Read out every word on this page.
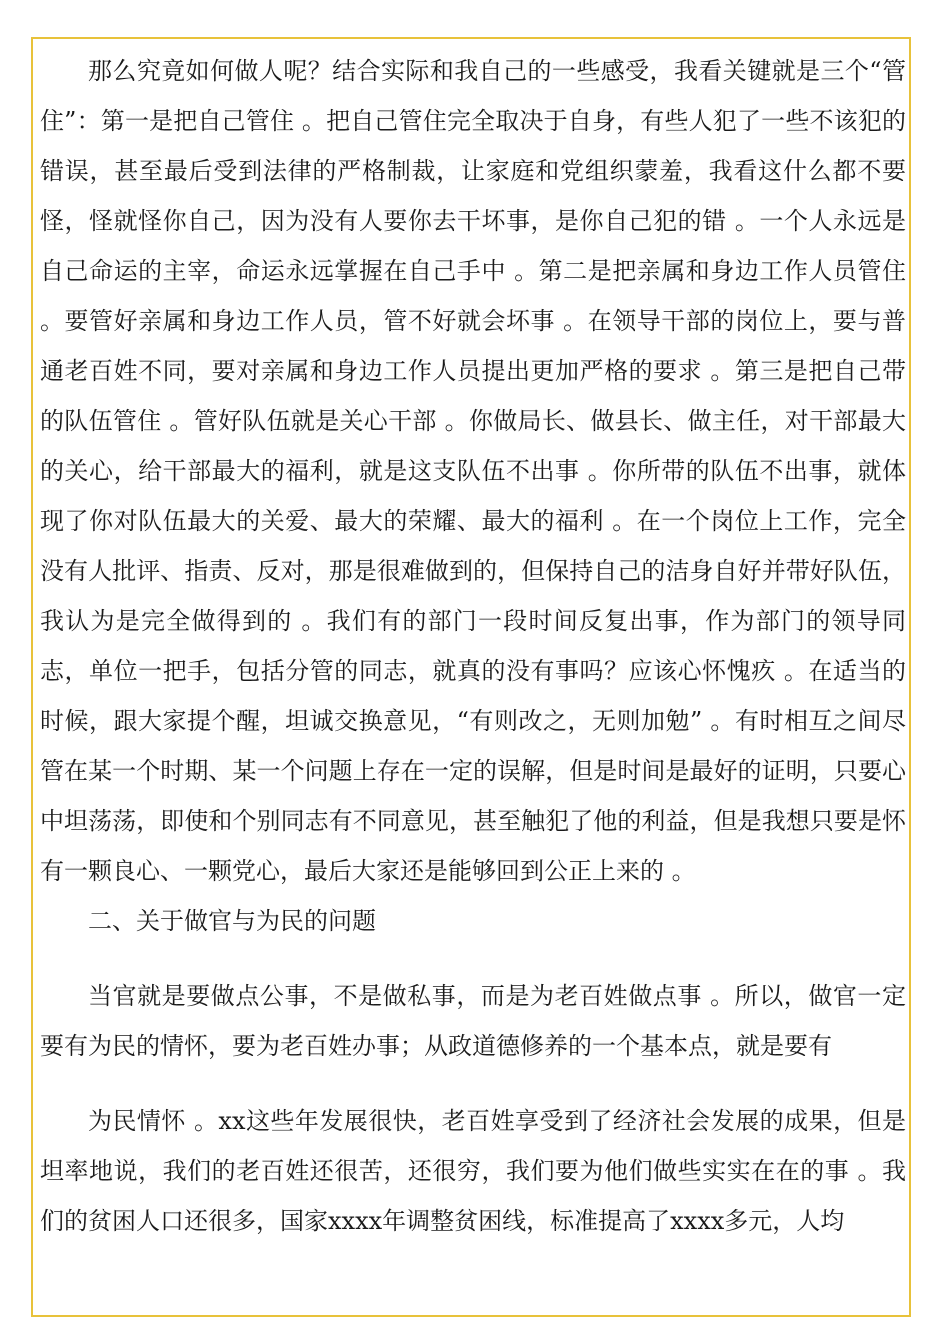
那么究竟如何做人呢？结合实际和我自己的一些感受，我看关键就是三个“管住”：第一是把自己管住 。把自己管住完全取决于自身，有些人犯了一些不该犯的错误，甚至最后受到法律的严格制裁，让家庭和党组织蒙羞，我看这什么都不要怪，怪就怪你自己，因为没有人要你去干坏事，是你自己犯的错 。一个人永远是自己命运的主宰，命运永远掌握在自己手中 。第二是把亲属和身边工作人员管住 。要管好亲属和身边工作人员，管不好就会坏事 。在领导干部的岗位上，要与普通老百姓不同，要对亲属和身边工作人员提出更加严格的要求 。第三是把自己带的队伍管住 。管好队伍就是关心干部 。你做局长、做县长、做主任，对干部最大的关心，给干部最大的福利，就是这支队伍不出事 。你所带的队伍不出事，就体现了你对队伍最大的关爱、最大的荣耀、最大的福利 。在一个岗位上工作，完全没有人批评、指责、反对，那是很难做到的，但保持自己的洁身自好并带好队伍，我认为是完全做得到的 。我们有的部门一段时间反复出事，作为部门的领导同志，单位一把手，包括分管的同志，就真的没有事吗？应该心怀愧疚 。在适当的时候，跟大家提个醒，坦诚交换意见，“有则改之，无则加勉” 。有时相互之间尽管在某一个时期、某一个问题上存在一定的误解，但是时间是最好的证明，只要心中坦荡荡，即使和个别同志有不同意见，甚至触犯了他的利益，但是我想只要是怀有一颗良心、一颗党心，最后大家还是能够回到公正上来的 。

二、关于做官与为民的问题

当官就是要做点公事，不是做私事，而是为老百姓做点事 。所以，做官一定要有为民的情怀，要为老百姓办事；从政道德修养的一个基本点，就是要有

为民情怀 。xx这些年发展很快，老百姓享受到了经济社会发展的成果，但是坦率地说，我们的老百姓还很苦，还很穷，我们要为他们做些实实在在的事 。我们的贫困人口还很多，国家xxxx年调整贫困线，标准提高了xxxx多元，人均
